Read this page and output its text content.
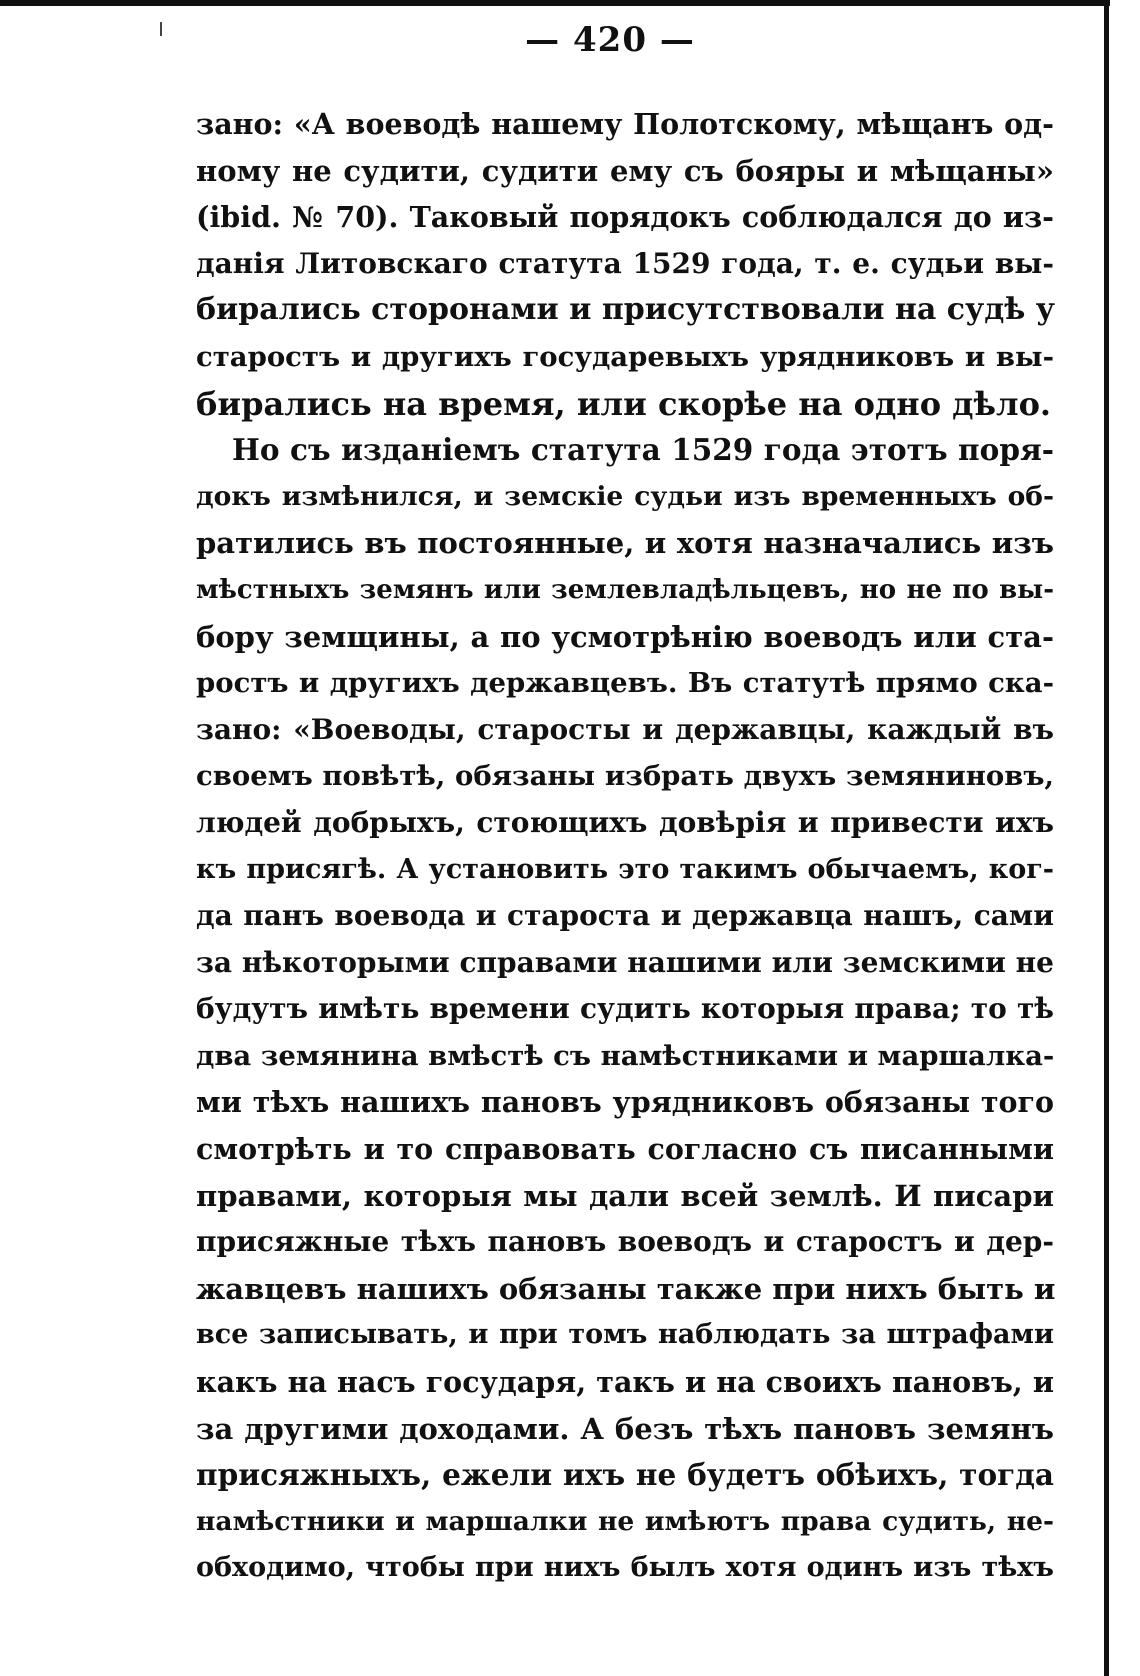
— 420 —
зано: «А воеводѣ нашему Полотскому, мѣщанъ од-
ному не судити, судити ему съ бояры и мѣщаны»
(ibid. № 70). Таковый порядокъ соблюдался до из-
данія Литовскаго статута 1529 года, т. е. судьи вы-
бирались сторонами и присутствовали на судѣ у
старостъ и другихъ государевыхъ урядниковъ и вы-
бирались на время, или скорѣе на одно дѣло.
Но съ изданіемъ статута 1529 года этотъ поря-
докъ измѣнился, и земскіе судьи изъ временныхъ об-
ратились въ постоянные, и хотя назначались изъ
мѣстныхъ земянъ или землевладѣльцевъ, но не по вы-
бору земщины, а по усмотрѣнію воеводъ или ста-
ростъ и другихъ державцевъ. Въ статутѣ прямо ска-
зано: «Воеводы, старосты и державцы, каждый въ
своемъ повѣтѣ, обязаны избрать двухъ земяниновъ,
людей добрыхъ, стоющихъ довѣрія и привести ихъ
къ присягѣ. А установить это такимъ обычаемъ, ког-
да панъ воевода и староста и державца нашъ, сами
за нѣкоторыми справами нашими или земскими не
будутъ имѣть времени судить которыя права; то тѣ
два земянина вмѣстѣ съ намѣстниками и маршалка-
ми тѣхъ нашихъ пановъ урядниковъ обязаны того
смотрѣть и то справовать согласно съ писанными
правами, которыя мы дали всей землѣ. И писари
присяжные тѣхъ пановъ воеводъ и старостъ и дер-
жавцевъ нашихъ обязаны также при нихъ быть и
все записывать, и при томъ наблюдать за штрафами
какъ на насъ государя, такъ и на своихъ пановъ, и
за другими доходами. А безъ тѣхъ пановъ земянъ
присяжныхъ, ежели ихъ не будетъ обѣихъ, тогда
намѣстники и маршалки не имѣютъ права судить, не-
обходимо, чтобы при нихъ былъ хотя одинъ изъ тѣхъ
